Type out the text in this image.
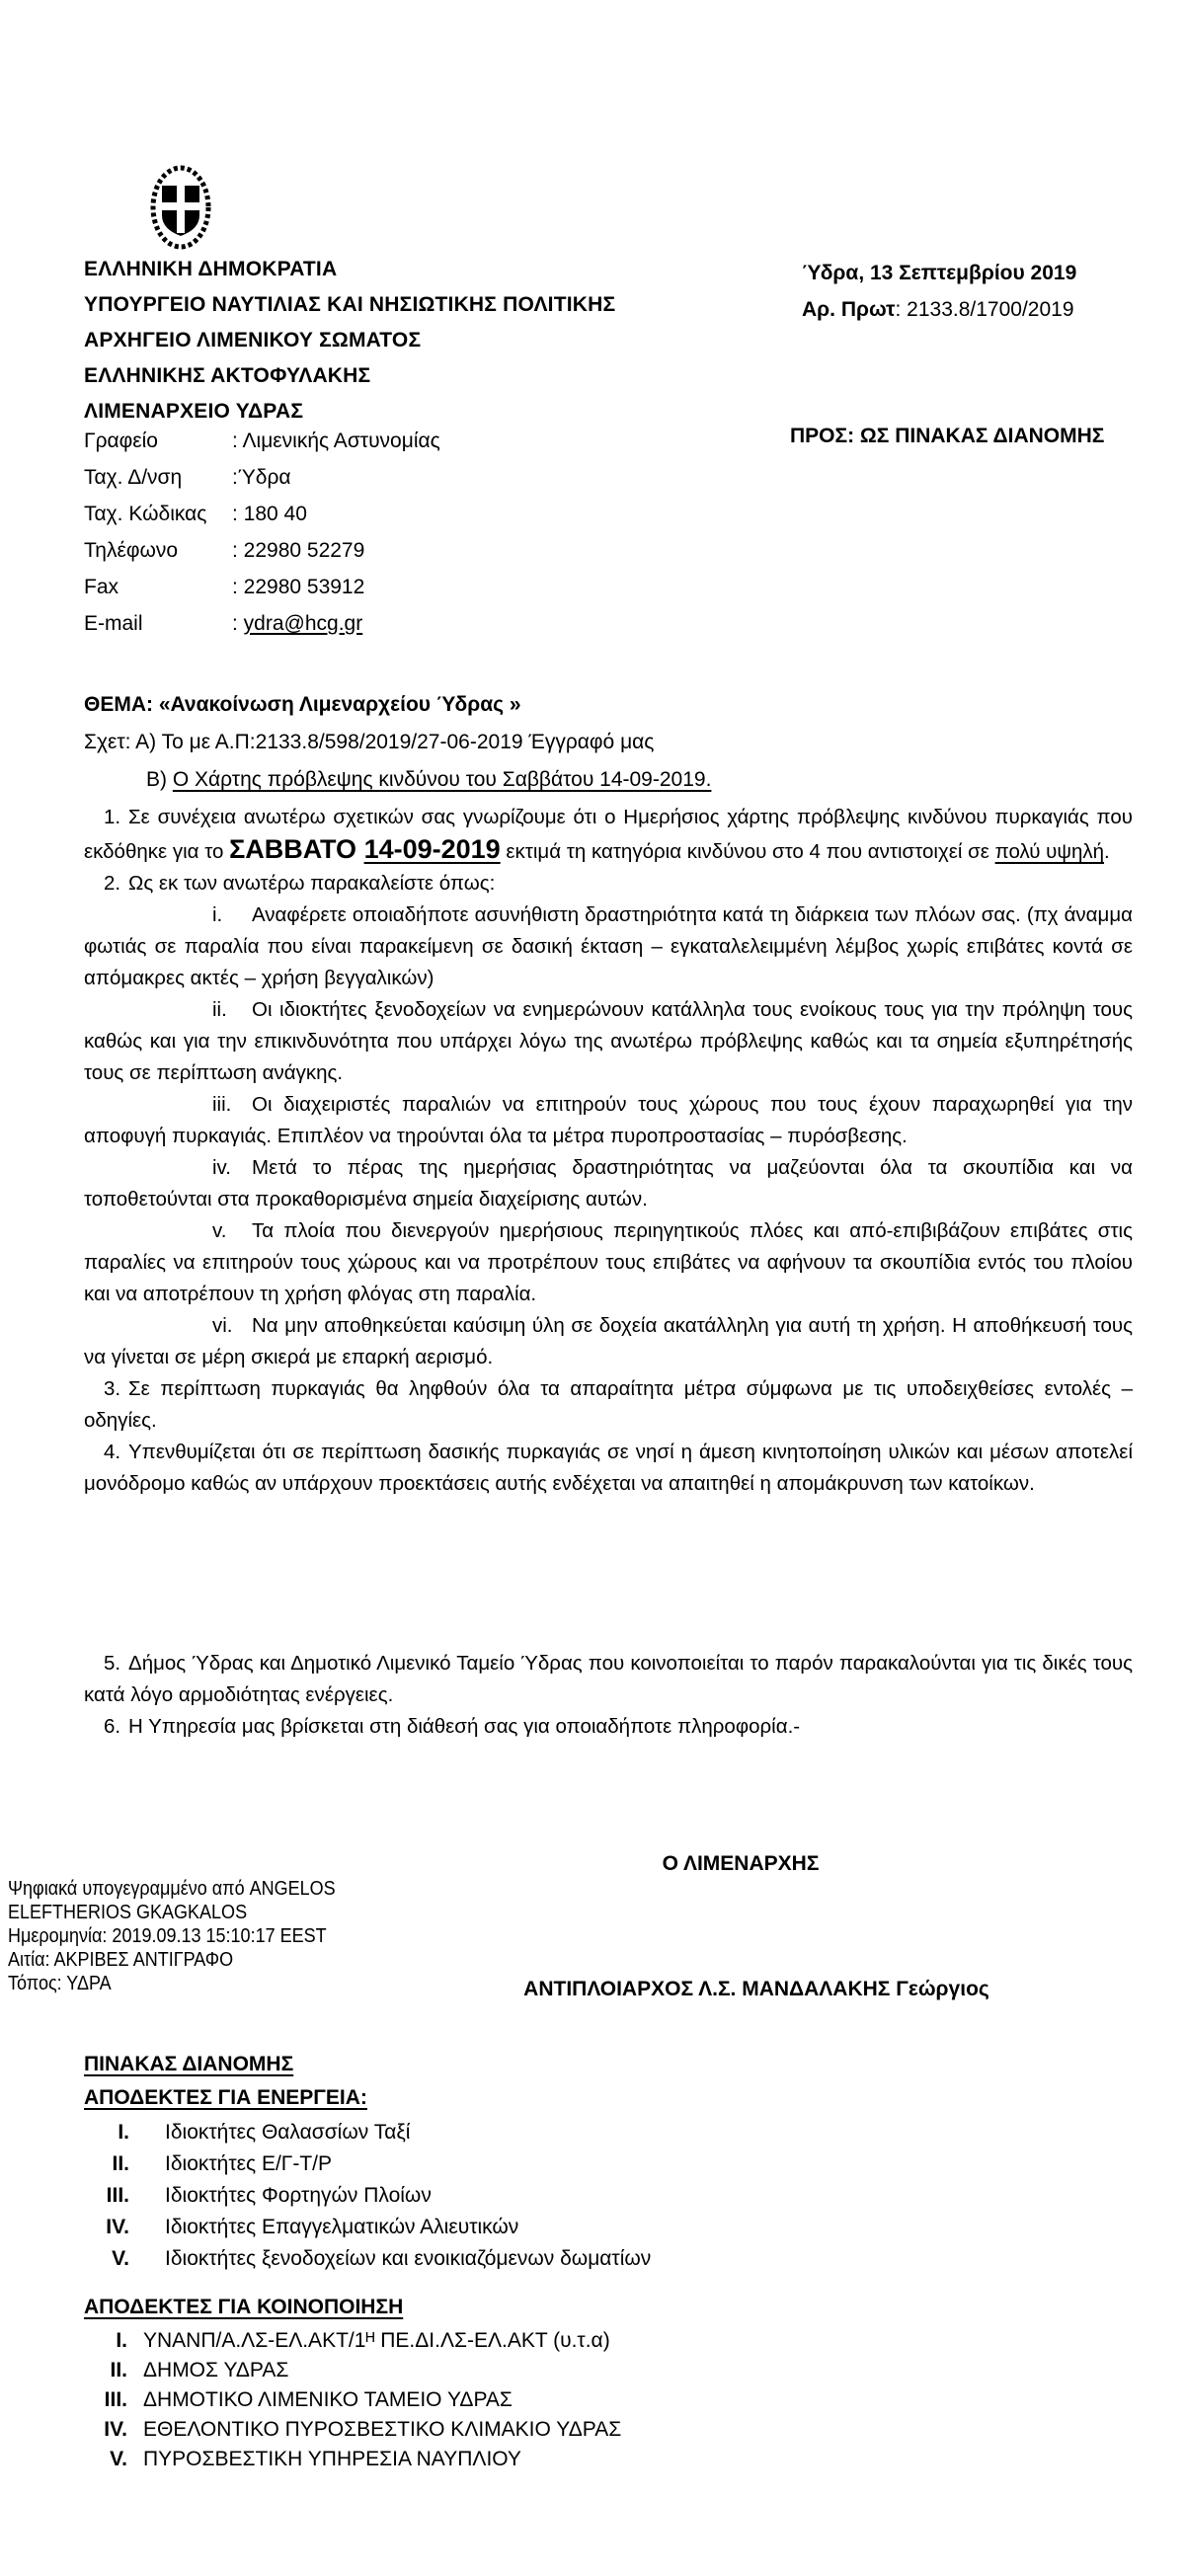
ΕΛΛΗΝΙΚΗ ΔΗΜΟΚΡΑΤΙΑ
ΥΠΟΥΡΓΕΙΟ ΝΑΥΤΙΛΙΑΣ ΚΑΙ ΝΗΣΙΩΤΙΚΗΣ ΠΟΛΙΤΙΚΗΣ
ΑΡΧΗΓΕΙΟ ΛΙΜΕΝΙΚΟΥ ΣΩΜΑΤΟΣ
ΕΛΛΗΝΙΚΗΣ ΑΚΤΟΦΥΛΑΚΗΣ
ΛΙΜΕΝΑΡΧΕΙΟ ΥΔΡΑΣ
Ύδρα, 13 Σεπτεμβρίου 2019
Αρ. Πρωτ: 2133.8/1700/2019
Γραφείο	: Λιμενικής Αστυνομίας
Ταχ. Δ/νση	:Ύδρα
Ταχ. Κώδικας	: 180 40
Τηλέφωνο	: 22980 52279
Fax	: 22980 53912
E-mail	: ydra@hcg.gr
ΠΡΟΣ: ΩΣ ΠΙΝΑΚΑΣ ΔΙΑΝΟΜΗΣ
ΘΕΜΑ: «Ανακοίνωση Λιμεναρχείου Ύδρας »
Σχετ: Α) Το με Α.Π:2133.8/598/2019/27-06-2019 Έγγραφό μας
Β) Ο Χάρτης πρόβλεψης κινδύνου του Σαββάτου 14-09-2019.
1. Σε συνέχεια ανωτέρω σχετικών σας γνωρίζουμε ότι ο Ημερήσιος χάρτης πρόβλεψης κινδύνου πυρκαγιάς που εκδόθηκε για το ΣΑΒΒΑΤΟ 14-09-2019 εκτιμά τη κατηγόρια κινδύνου στο 4 που αντιστοιχεί σε πολύ υψηλή.
2. Ως εκ των ανωτέρω παρακαλείστε όπως:
i. Αναφέρετε οποιαδήποτε ασυνήθιστη δραστηριότητα κατά τη διάρκεια των πλόων σας. (πχ άναμμα φωτιάς σε παραλία που είναι παρακείμενη σε δασική έκταση – εγκαταλελειμμένη λέμβος χωρίς επιβάτες κοντά σε απόμακρες ακτές – χρήση βεγγαλικών)
ii. Οι ιδιοκτήτες ξενοδοχείων να ενημερώνουν κατάλληλα τους ενοίκους τους για την πρόληψη τους καθώς και για την επικινδυνότητα που υπάρχει λόγω της ανωτέρω πρόβλεψης καθώς και τα σημεία εξυπηρέτησής τους σε περίπτωση ανάγκης.
iii. Οι διαχειριστές παραλιών να επιτηρούν τους χώρους που τους έχουν παραχωρηθεί για την αποφυγή πυρκαγιάς. Επιπλέον να τηρούνται όλα τα μέτρα πυροπροστασίας – πυρόσβεσης.
iv. Μετά το πέρας της ημερήσιας δραστηριότητας να μαζεύονται όλα τα σκουπίδια και να τοποθετούνται στα προκαθορισμένα σημεία διαχείρισης αυτών.
v. Τα πλοία που διενεργούν ημερήσιους περιηγητικούς πλόες και από-επιβιβάζουν επιβάτες στις παραλίες να επιτηρούν τους χώρους και να προτρέπουν τους επιβάτες να αφήνουν τα σκουπίδια εντός του πλοίου και να αποτρέπουν τη χρήση φλόγας στη παραλία.
vi. Να μην αποθηκεύεται καύσιμη ύλη σε δοχεία ακατάλληλη για αυτή τη χρήση. Η αποθήκευσή τους να γίνεται σε μέρη σκιερά με επαρκή αερισμό.
3. Σε περίπτωση πυρκαγιάς θα ληφθούν όλα τα απαραίτητα μέτρα σύμφωνα με τις υποδειχθείσες εντολές – οδηγίες.
4. Υπενθυμίζεται ότι σε περίπτωση δασικής πυρκαγιάς σε νησί η άμεση κινητοποίηση υλικών και μέσων αποτελεί μονόδρομο καθώς αν υπάρχουν προεκτάσεις αυτής ενδέχεται να απαιτηθεί η απομάκρυνση των κατοίκων.
5. Δήμος Ύδρας και Δημοτικό Λιμενικό Ταμείο Ύδρας που κοινοποιείται το παρόν παρακαλούνται για τις δικές τους κατά λόγο αρμοδιότητας ενέργειες.
6. Η Υπηρεσία μας βρίσκεται στη διάθεσή σας για οποιαδήποτε πληροφορία.-
Ο ΛΙΜΕΝΑΡΧΗΣ
Ψηφιακά υπογεγραμμένο από ANGELOS
ELEFTHERIOS GKAGKALOS
Ημερομηνία: 2019.09.13 15:10:17 EEST
Αιτία: ΑΚΡΙΒΕΣ ΑΝΤΙΓΡΑΦΟ
Τόπος: ΥΔΡΑ	ΑΝΤΙΠΛΟΙΑΡΧΟΣ Λ.Σ. ΜΑΝΔΑΛΑΚΗΣ Γεώργιος
ΠΙΝΑΚΑΣ ΔΙΑΝΟΜΗΣ
ΑΠΟΔΕΚΤΕΣ ΓΙΑ ΕΝΕΡΓΕΙΑ:
I. Ιδιοκτήτες Θαλασσίων Ταξί
II. Ιδιοκτήτες Ε/Γ-Τ/Ρ
III. Ιδιοκτήτες Φορτηγών Πλοίων
IV. Ιδιοκτήτες Επαγγελματικών Αλιευτικών
V. Ιδιοκτήτες ξενοδοχείων και ενοικιαζόμενων δωματίων
ΑΠΟΔΕΚΤΕΣ ΓΙΑ ΚΟΙΝΟΠΟΙΗΣΗ
I. ΥΝΑΝΠ/Α.ΛΣ-ΕΛ.ΑΚΤ/1ᴴ ΠΕ.ΔΙ.ΛΣ-ΕΛ.ΑΚΤ (υ.τ.α)
II. ΔΗΜΟΣ ΥΔΡΑΣ
III. ΔΗΜΟΤΙΚΟ ΛΙΜΕΝΙΚΟ ΤΑΜΕΙΟ ΥΔΡΑΣ
IV. ΕΘΕΛΟΝΤΙΚΟ ΠΥΡΟΣΒΕΣΤΙΚΟ ΚΛΙΜΑΚΙΟ ΥΔΡΑΣ
V. ΠΥΡΟΣΒΕΣΤΙΚΗ ΥΠΗΡΕΣΙΑ ΝΑΥΠΛΙΟΥ
